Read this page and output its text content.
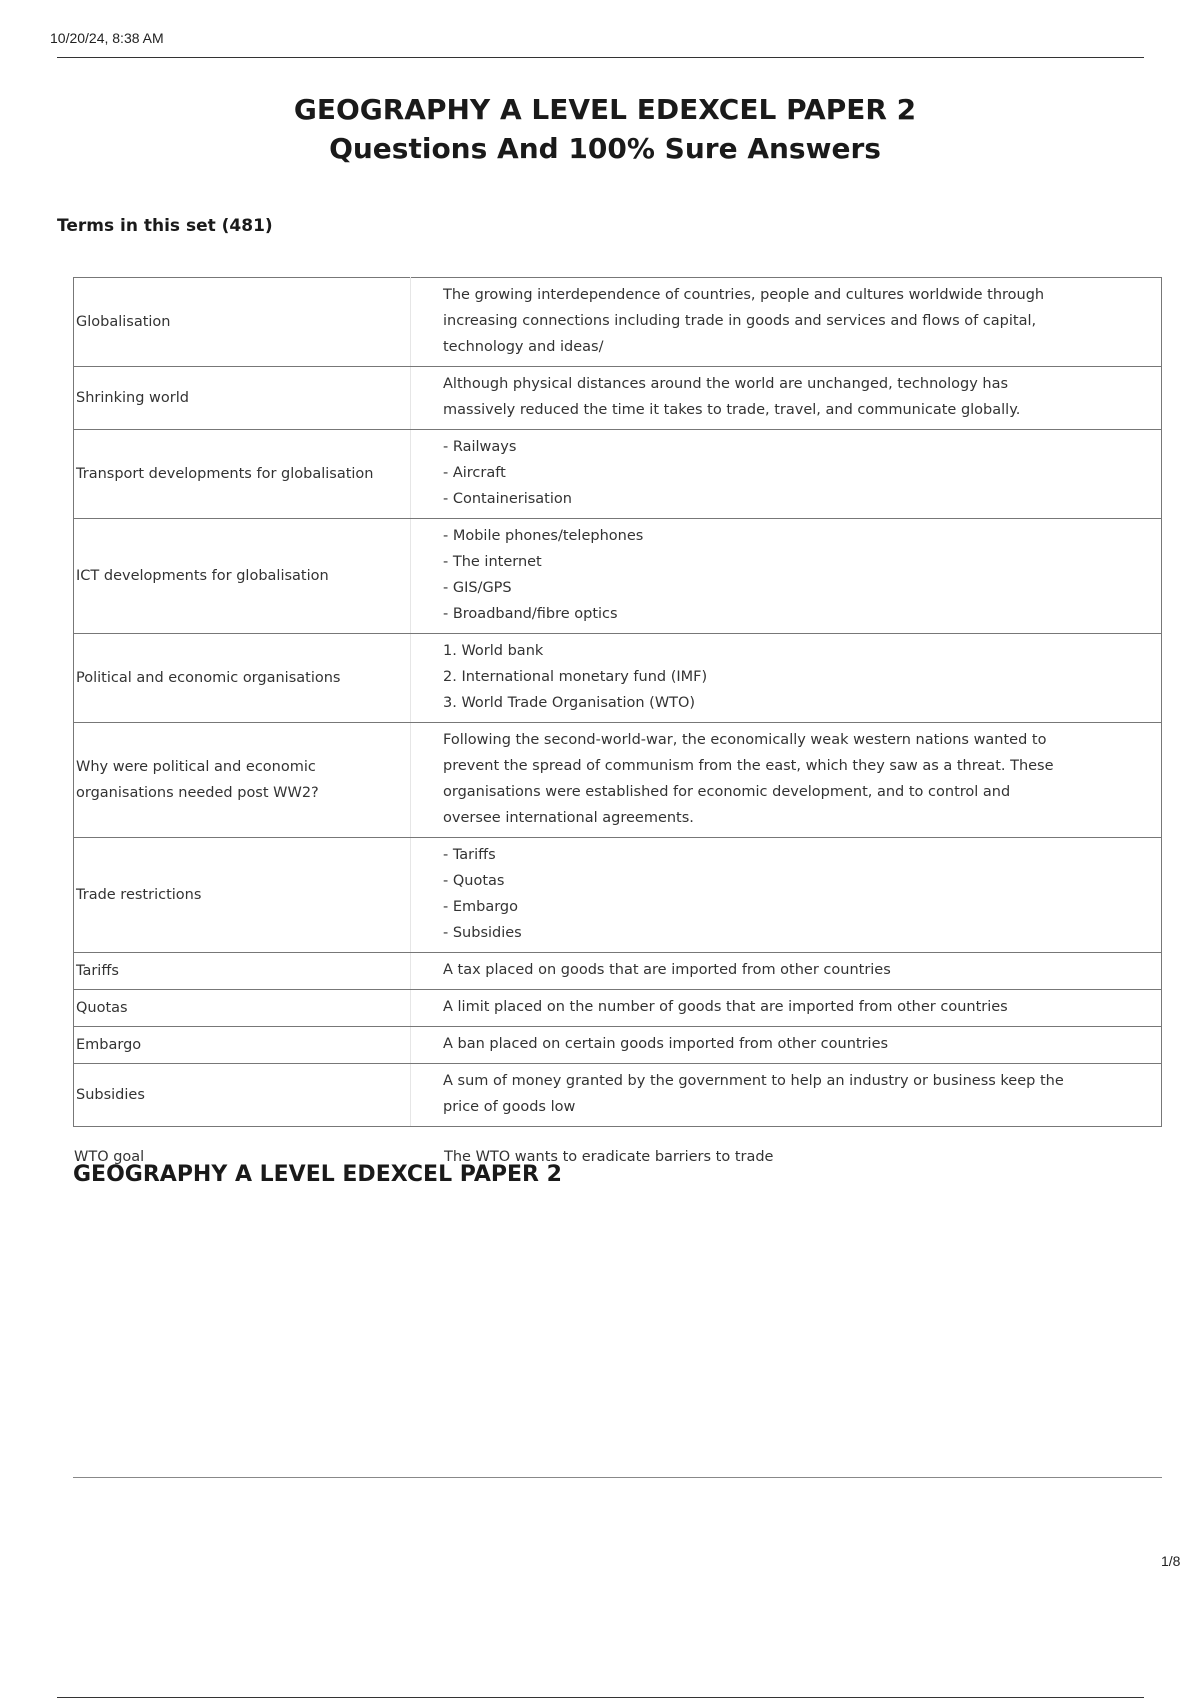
10/20/24, 8:38 AM
GEOGRAPHY A LEVEL EDEXCEL PAPER 2
Questions And 100% Sure Answers
Terms in this set (481)
Globalisation	The growing interdependence of countries, people and cultures worldwide through
increasing connections including trade in goods and services and flows of capital,
technology and ideas/

Shrinking world	Although physical distances around the world are unchanged, technology has
massively reduced the time it takes to trade, travel, and communicate globally.

Transport developments for globalisation	- Railways
- Aircraft
- Containerisation

ICT developments for globalisation	- Mobile phones/telephones
- The internet
- GIS/GPS
- Broadband/fibre optics

Political and economic organisations	1. World bank
2. International monetary fund (IMF)
3. World Trade Organisation (WTO)

Why were political and economic organisations needed post WW2?	Following the second-world-war, the economically weak western nations wanted to
prevent the spread of communism from the east, which they saw as a threat. These
organisations were established for economic development, and to control and
oversee international agreements.

Trade restrictions	- Tariffs
- Quotas
- Embargo
- Subsidies

Tariffs	A tax placed on goods that are imported from other countries

Quotas	A limit placed on the number of goods that are imported from other countries

Embargo	A ban placed on certain goods imported from other countries

Subsidies	A sum of money granted by the government to help an industry or business keep the
price of goods low
WTO goal	The WTO wants to eradicate barriers to trade
GEOGRAPHY A LEVEL EDEXCEL PAPER 2
1/8
